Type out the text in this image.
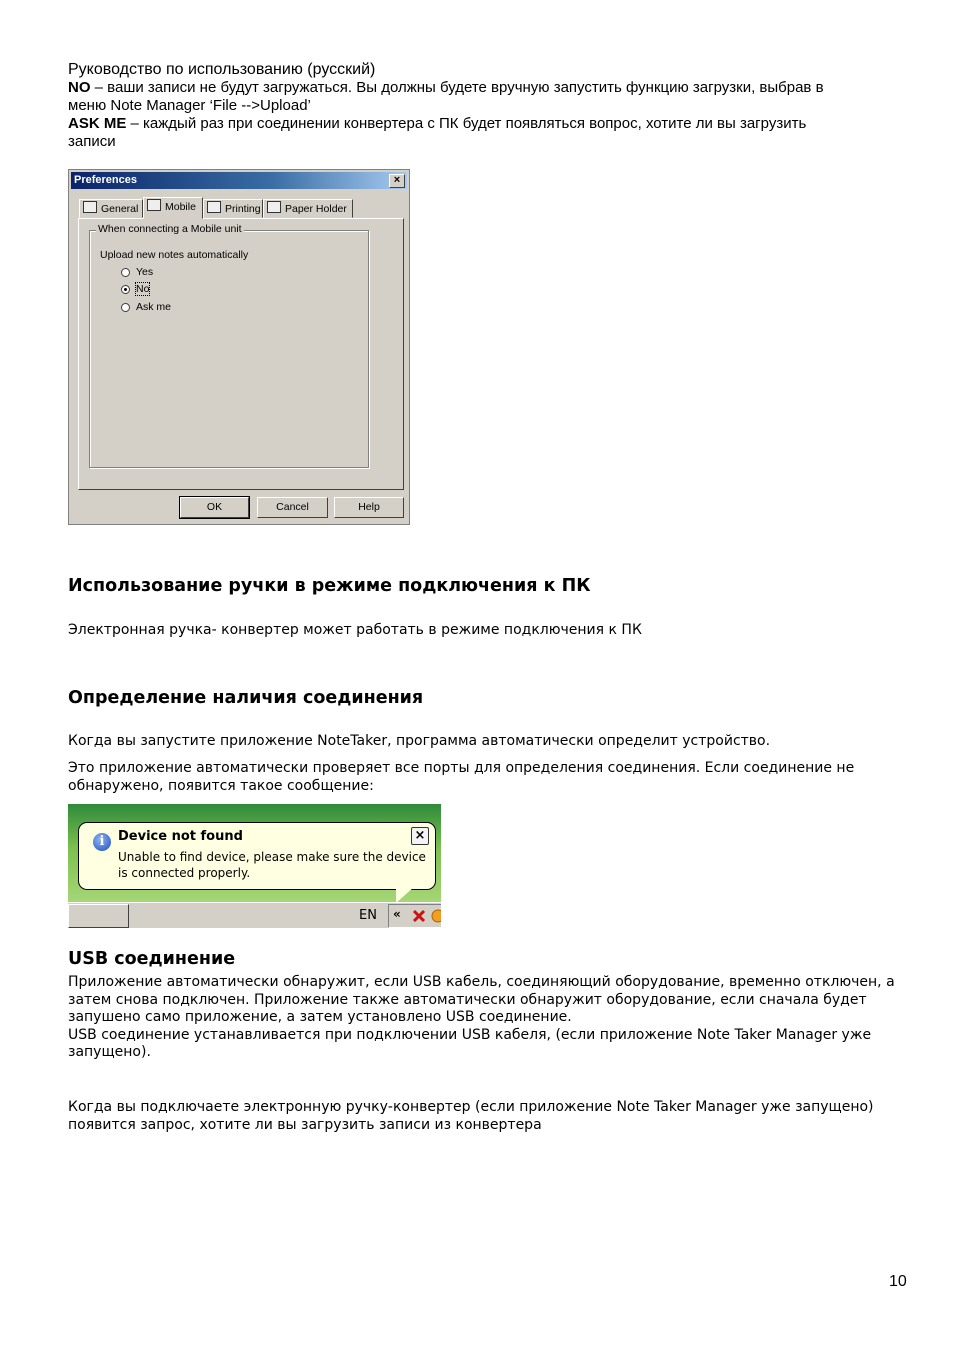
Руководство по использованию (русский)

NO – ваши записи не будут загружаться. Вы должны будете вручную запустить функцию загрузки, выбрав в

меню Note Manager ‘File -->Upload’

ASK ME – каждый раз при соединении конвертера с ПК будет появляться вопрос, хотите ли вы загрузить

записи

Preferences	×
General	Mobile	Printing	Paper Holder
When connecting a Mobile unit
Upload new notes automatically
Yes
No
Ask me
OK	Cancel	Help
Использование ручки в режиме подключения к ПК

Электронная ручка- конвертер может работать в режиме подключения к ПК

Определение наличия соединения

Когда вы запустите приложение NoteTaker, программа автоматически определит устройство.

Это приложение автоматически проверяет все порты для определения соединения. Если соединение не

обнаружено, появится такое сообщение:

i	Device not found
Unable to find device, please make sure the device is connected properly.
×
EN «
USB соединение

Приложение автоматически обнаружит, если USB кабель, соединяющий оборудование, временно отключен, а

затем снова подключен. Приложение также автоматически обнаружит оборудование, если сначала будет

запушено само приложение, а затем установлено USB соединение.

USB соединение устанавливается при подключении USB кабеля, (если приложение Note Taker Manager уже

запущено).

Когда вы подключаете электронную ручку-конвертер (если приложение Note Taker Manager уже запущено)

появится запрос, хотите ли вы загрузить записи из конвертера

10
